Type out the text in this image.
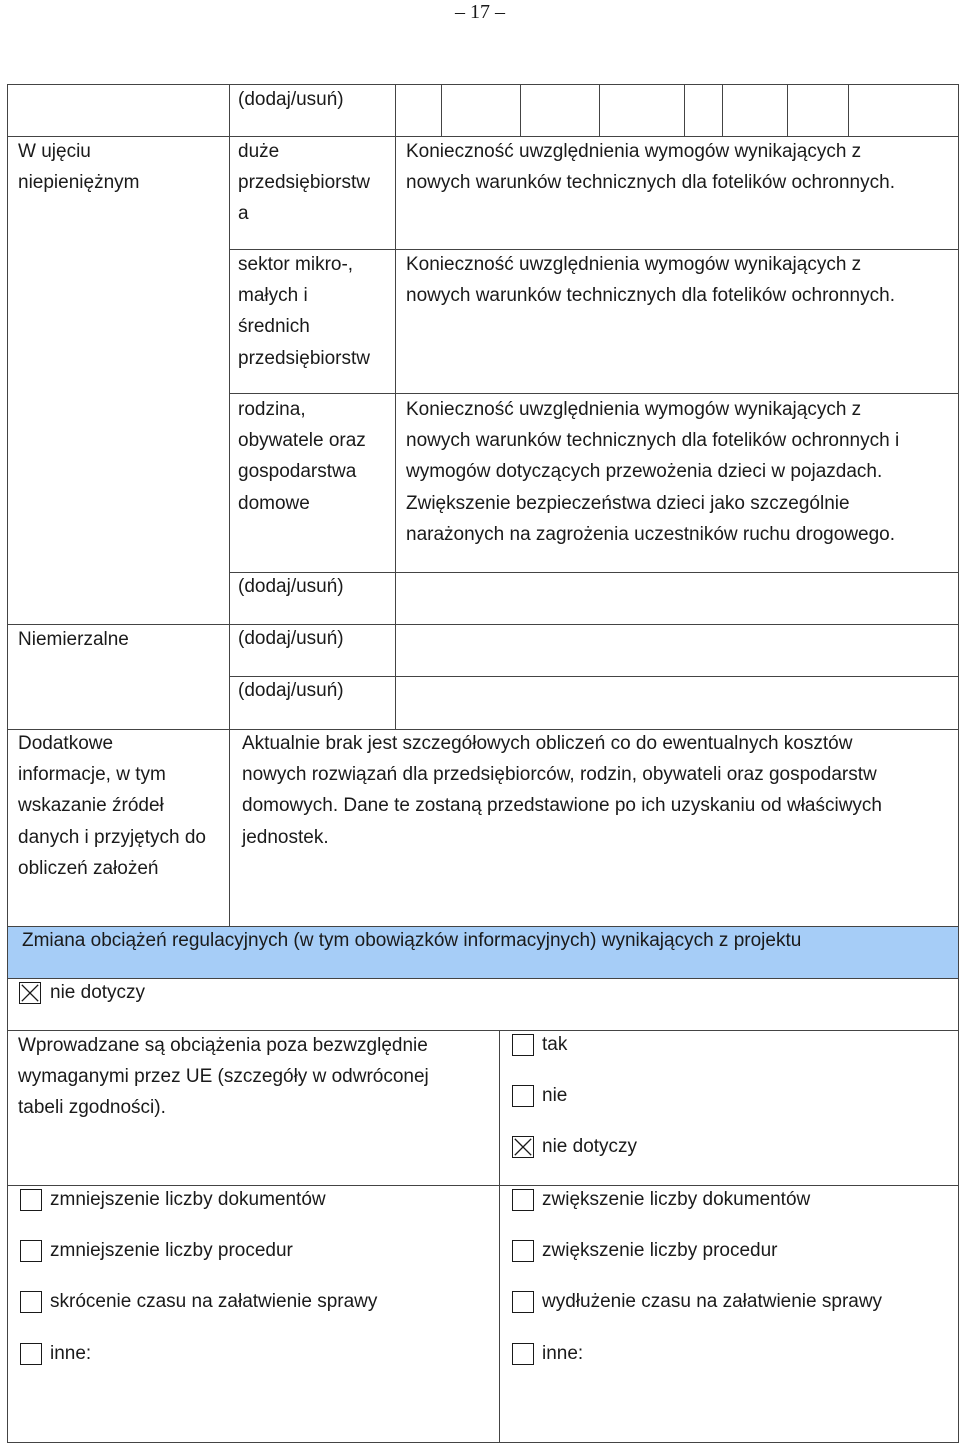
– 17 –
(dodaj/usuń)
W ujęciu
niepieniężnym
duże
przedsiębiorstw
a
Konieczność uwzględnienia wymogów wynikających z
nowych warunków technicznych dla fotelików ochronnych.
sektor mikro-,
małych i
średnich
przedsiębiorstw
Konieczność uwzględnienia wymogów wynikających z
nowych warunków technicznych dla fotelików ochronnych.
rodzina,
obywatele oraz
gospodarstwa
domowe
Konieczność uwzględnienia wymogów wynikających z
nowych warunków technicznych dla fotelików ochronnych i
wymogów dotyczących przewożenia dzieci w pojazdach.
Zwiększenie bezpieczeństwa dzieci jako szczególnie
narażonych na zagrożenia uczestników ruchu drogowego.
(dodaj/usuń)
Niemierzalne	(dodaj/usuń)
(dodaj/usuń)
Dodatkowe
informacje, w tym
wskazanie źródeł
danych i przyjętych do
obliczeń założeń
Aktualnie brak jest szczegółowych obliczeń co do ewentualnych kosztów
nowych rozwiązań dla przedsiębiorców, rodzin, obywateli oraz gospodarstw
domowych. Dane te zostaną przedstawione po ich uzyskaniu od właściwych
jednostek.
Zmiana obciążeń regulacyjnych (w tym obowiązków informacyjnych) wynikających z projektu
nie dotyczy
Wprowadzane są obciążenia poza bezwzględnie
wymaganymi przez UE (szczegóły w odwróconej
tabeli zgodności).
tak
nie
nie dotyczy
zmniejszenie liczby dokumentów
zmniejszenie liczby procedur
skrócenie czasu na załatwienie sprawy
inne:
zwiększenie liczby dokumentów
zwiększenie liczby procedur
wydłużenie czasu na załatwienie sprawy
inne:
